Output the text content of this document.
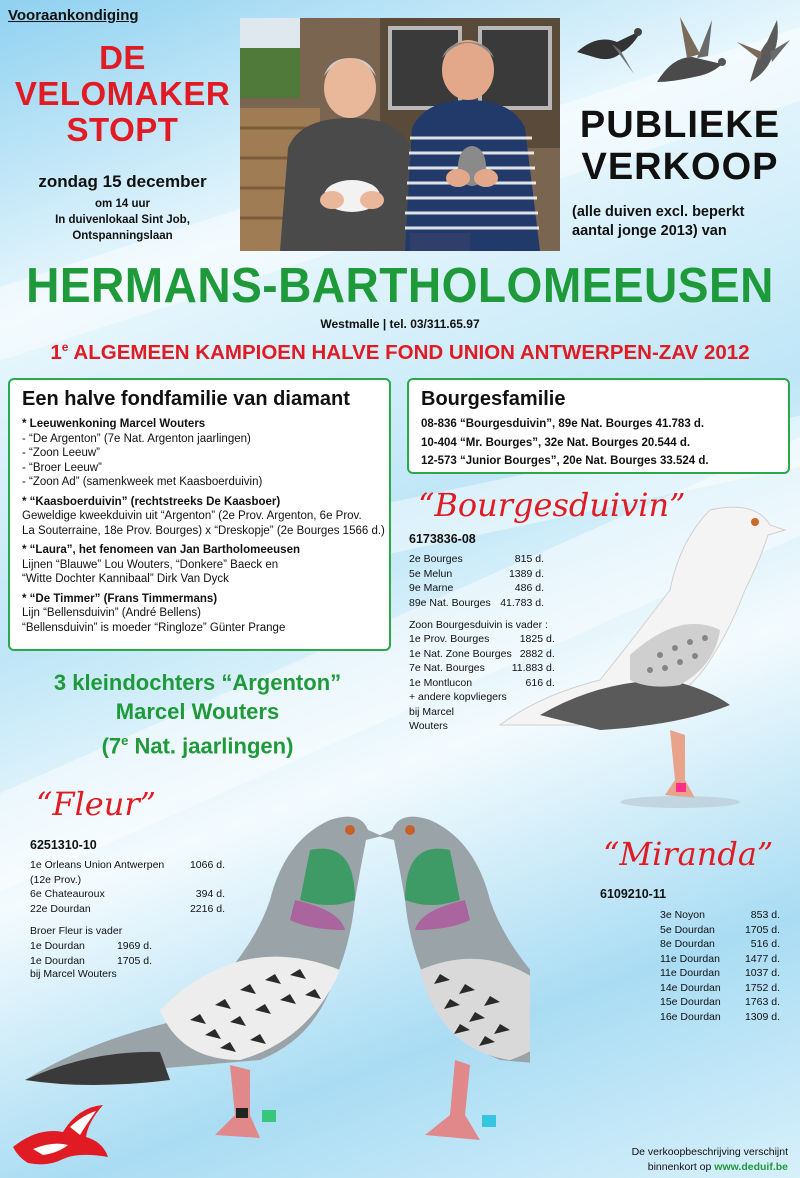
Vooraankondiging
DE
VELOMAKER
STOPT
zondag 15 december
om 14 uur
In duivenlokaal Sint Job,
Ontspanningslaan
PUBLIEKE
VERKOOP
(alle duiven excl. beperkt
aantal jonge 2013) van
HERMANS-BARTHOLOMEEUSEN
Westmalle | tel. 03/311.65.97
1e ALGEMEEN KAMPIOEN HALVE FOND UNION ANTWERPEN-ZAV 2012
Een halve fondfamilie van diamant
* Leeuwenkoning Marcel Wouters
- “De Argenton” (7e Nat. Argenton jaarlingen)
- “Zoon Leeuw”
- “Broer Leeuw”
- “Zoon Ad” (samenkweek met Kaasboerduivin)
* “Kaasboerduivin” (rechtstreeks De Kaasboer)
Geweldige kweekduivin uit “Argenton” (2e Prov. Argenton, 6e Prov.
La Souterraine, 18e Prov. Bourges) x “Dreskopje” (2e Bourges 1566 d.)
* “Laura”, het fenomeen van Jan Bartholomeeusen
Lijnen “Blauwe” Lou Wouters, “Donkere” Baeck en
“Witte Dochter Kannibaal” Dirk Van Dyck
* “De Timmer” (Frans Timmermans)
Lijn “Bellensduivin” (André Bellens)
“Bellensduivin” is moeder “Ringloze” Günter Prange
Bourgesfamilie
08-836 “Bourgesduivin”, 89e Nat. Bourges 41.783 d.
10-404 “Mr. Bourges”, 32e Nat. Bourges 20.544 d.
12-573 “Junior Bourges”, 20e Nat. Bourges 33.524 d.
3 kleindochters “Argenton”
Marcel Wouters
(7e Nat. jaarlingen)
“Bourgesduivin”
6173836-08
2e Bourges	815 d.
5e Melun	1389 d.
9e Marne	486 d.
89e Nat. Bourges	41.783 d.
Zoon Bourgesduivin is vader :
1e Prov. Bourges	1825 d.
1e Nat. Zone Bourges	2882 d.
7e Nat. Bourges	11.883 d.
1e Montlucon	616 d.
+ andere kopvliegers
bij Marcel
Wouters
“Fleur”
6251310-10
1e Orleans Union Antwerpen	1066 d.
(12e Prov.)	
6e Chateauroux	394 d.
22e Dourdan	2216 d.
Broer Fleur is vader
1e Dourdan	1969 d.
1e Dourdan	1705 d.
bij Marcel Wouters
“Miranda”
6109210-11
3e Noyon	853 d.
5e Dourdan	1705 d.
8e Dourdan	516 d.
11e Dourdan	1477 d.
11e Dourdan	1037 d.
14e Dourdan	1752 d.
15e Dourdan	1763 d.
16e Dourdan	1309 d.
De verkoopbeschrijving verschijnt
binnenkort op www.deduif.be
